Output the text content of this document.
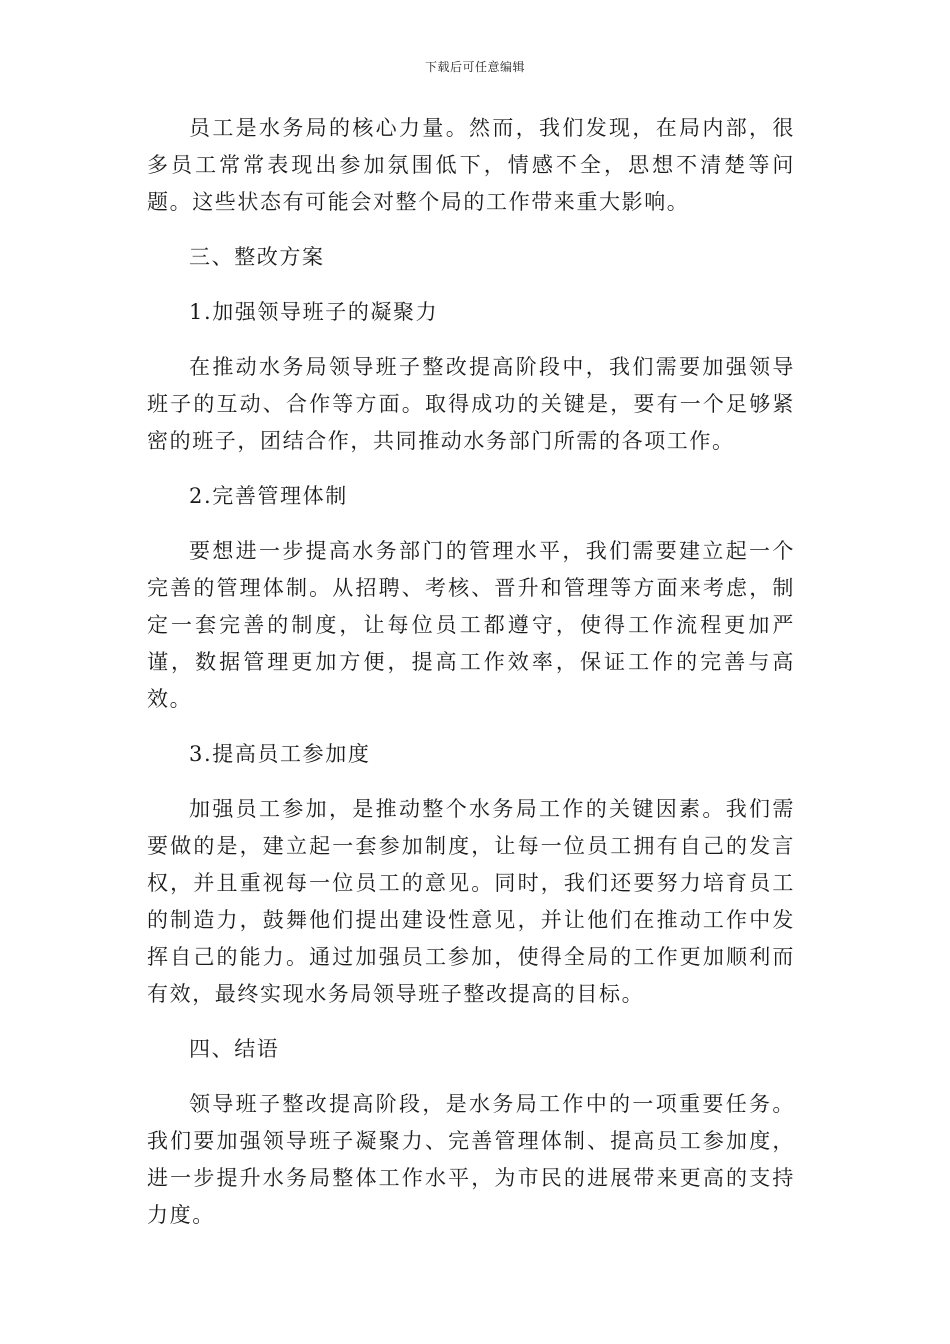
下载后可任意编辑

员工是水务局的核心力量。然而，我们发现，在局内部，很多员工常常表现出参加氛围低下，情感不全，思想不清楚等问题。这些状态有可能会对整个局的工作带来重大影响。

三、整改方案

1.加强领导班子的凝聚力

在推动水务局领导班子整改提高阶段中，我们需要加强领导班子的互动、合作等方面。取得成功的关键是，要有一个足够紧密的班子，团结合作，共同推动水务部门所需的各项工作。

2.完善管理体制

要想进一步提高水务部门的管理水平，我们需要建立起一个完善的管理体制。从招聘、考核、晋升和管理等方面来考虑，制定一套完善的制度，让每位员工都遵守，使得工作流程更加严谨，数据管理更加方便，提高工作效率，保证工作的完善与高效。

3.提高员工参加度

加强员工参加，是推动整个水务局工作的关键因素。我们需要做的是，建立起一套参加制度，让每一位员工拥有自己的发言权，并且重视每一位员工的意见。同时，我们还要努力培育员工的制造力，鼓舞他们提出建设性意见，并让他们在推动工作中发挥自己的能力。通过加强员工参加，使得全局的工作更加顺利而有效，最终实现水务局领导班子整改提高的目标。

四、结语

领导班子整改提高阶段，是水务局工作中的一项重要任务。我们要加强领导班子凝聚力、完善管理体制、提高员工参加度，进一步提升水务局整体工作水平，为市民的进展带来更高的支持力度。
